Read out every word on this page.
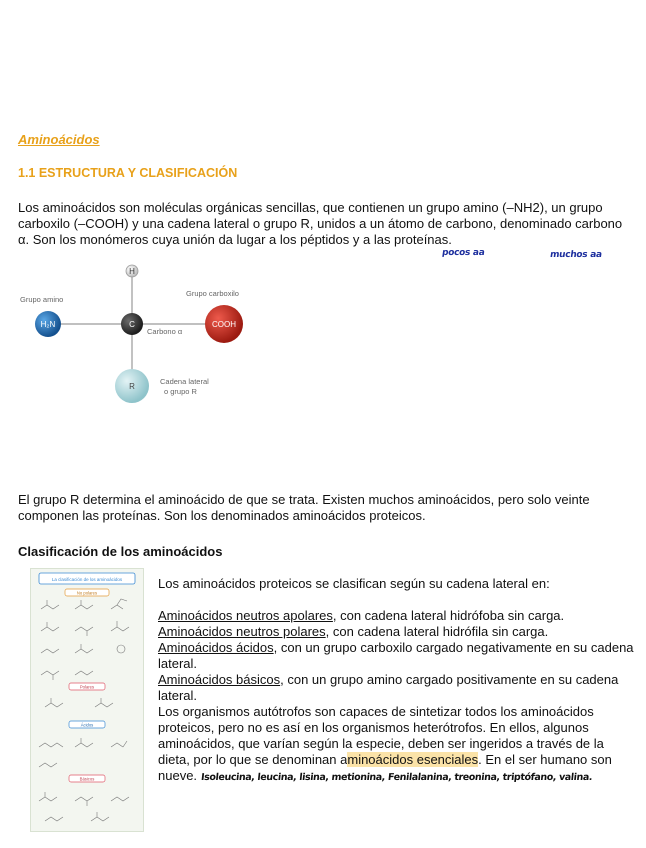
Aminoácidos
1.1 ESTRUCTURA Y CLASIFICACIÓN
Los aminoácidos son moléculas orgánicas sencillas, que contienen un grupo amino (–NH2), un grupo carboxilo (–COOH) y una cadena lateral o grupo R, unidos a un átomo de carbono, denominado carbono α. Son los monómeros cuya unión da lugar a los péptidos y a las proteínas.
pocos aa	muchos aa
H
H₂N	C	COOH
R
Grupo amino
Grupo carboxilo
Carbono α
Cadena lateral
o grupo R
El grupo R determina el aminoácido de que se trata. Existen muchos aminoácidos, pero solo veinte componen las proteínas. Son los denominados aminoácidos proteicos.
Clasificación de los aminoácidos
La clasificación de los aminoácidos
No polares
Polares
Ácidos
Básicos
Los aminoácidos proteicos se clasifican según su cadena lateral en:
Aminoácidos neutros apolares, con cadena lateral hidrófoba sin carga.
Aminoácidos neutros polares, con cadena lateral hidrófila sin carga.
Aminoácidos ácidos, con un grupo carboxilo cargado negativamente en su cadena lateral.
Aminoácidos básicos, con un grupo amino cargado positivamente en su cadena lateral.
Los organismos autótrofos son capaces de sintetizar todos los aminoácidos proteicos, pero no es así en los organismos heterótrofos. En ellos, algunos aminoácidos, que varían según la especie, deben ser ingeridos a través de la dieta, por lo que se denominan aminoácidos esenciales. En el ser humano son nueve. Isoleucina, leucina, lisina, metionina, Fenilalanina, treonina, triptófano, valina.
